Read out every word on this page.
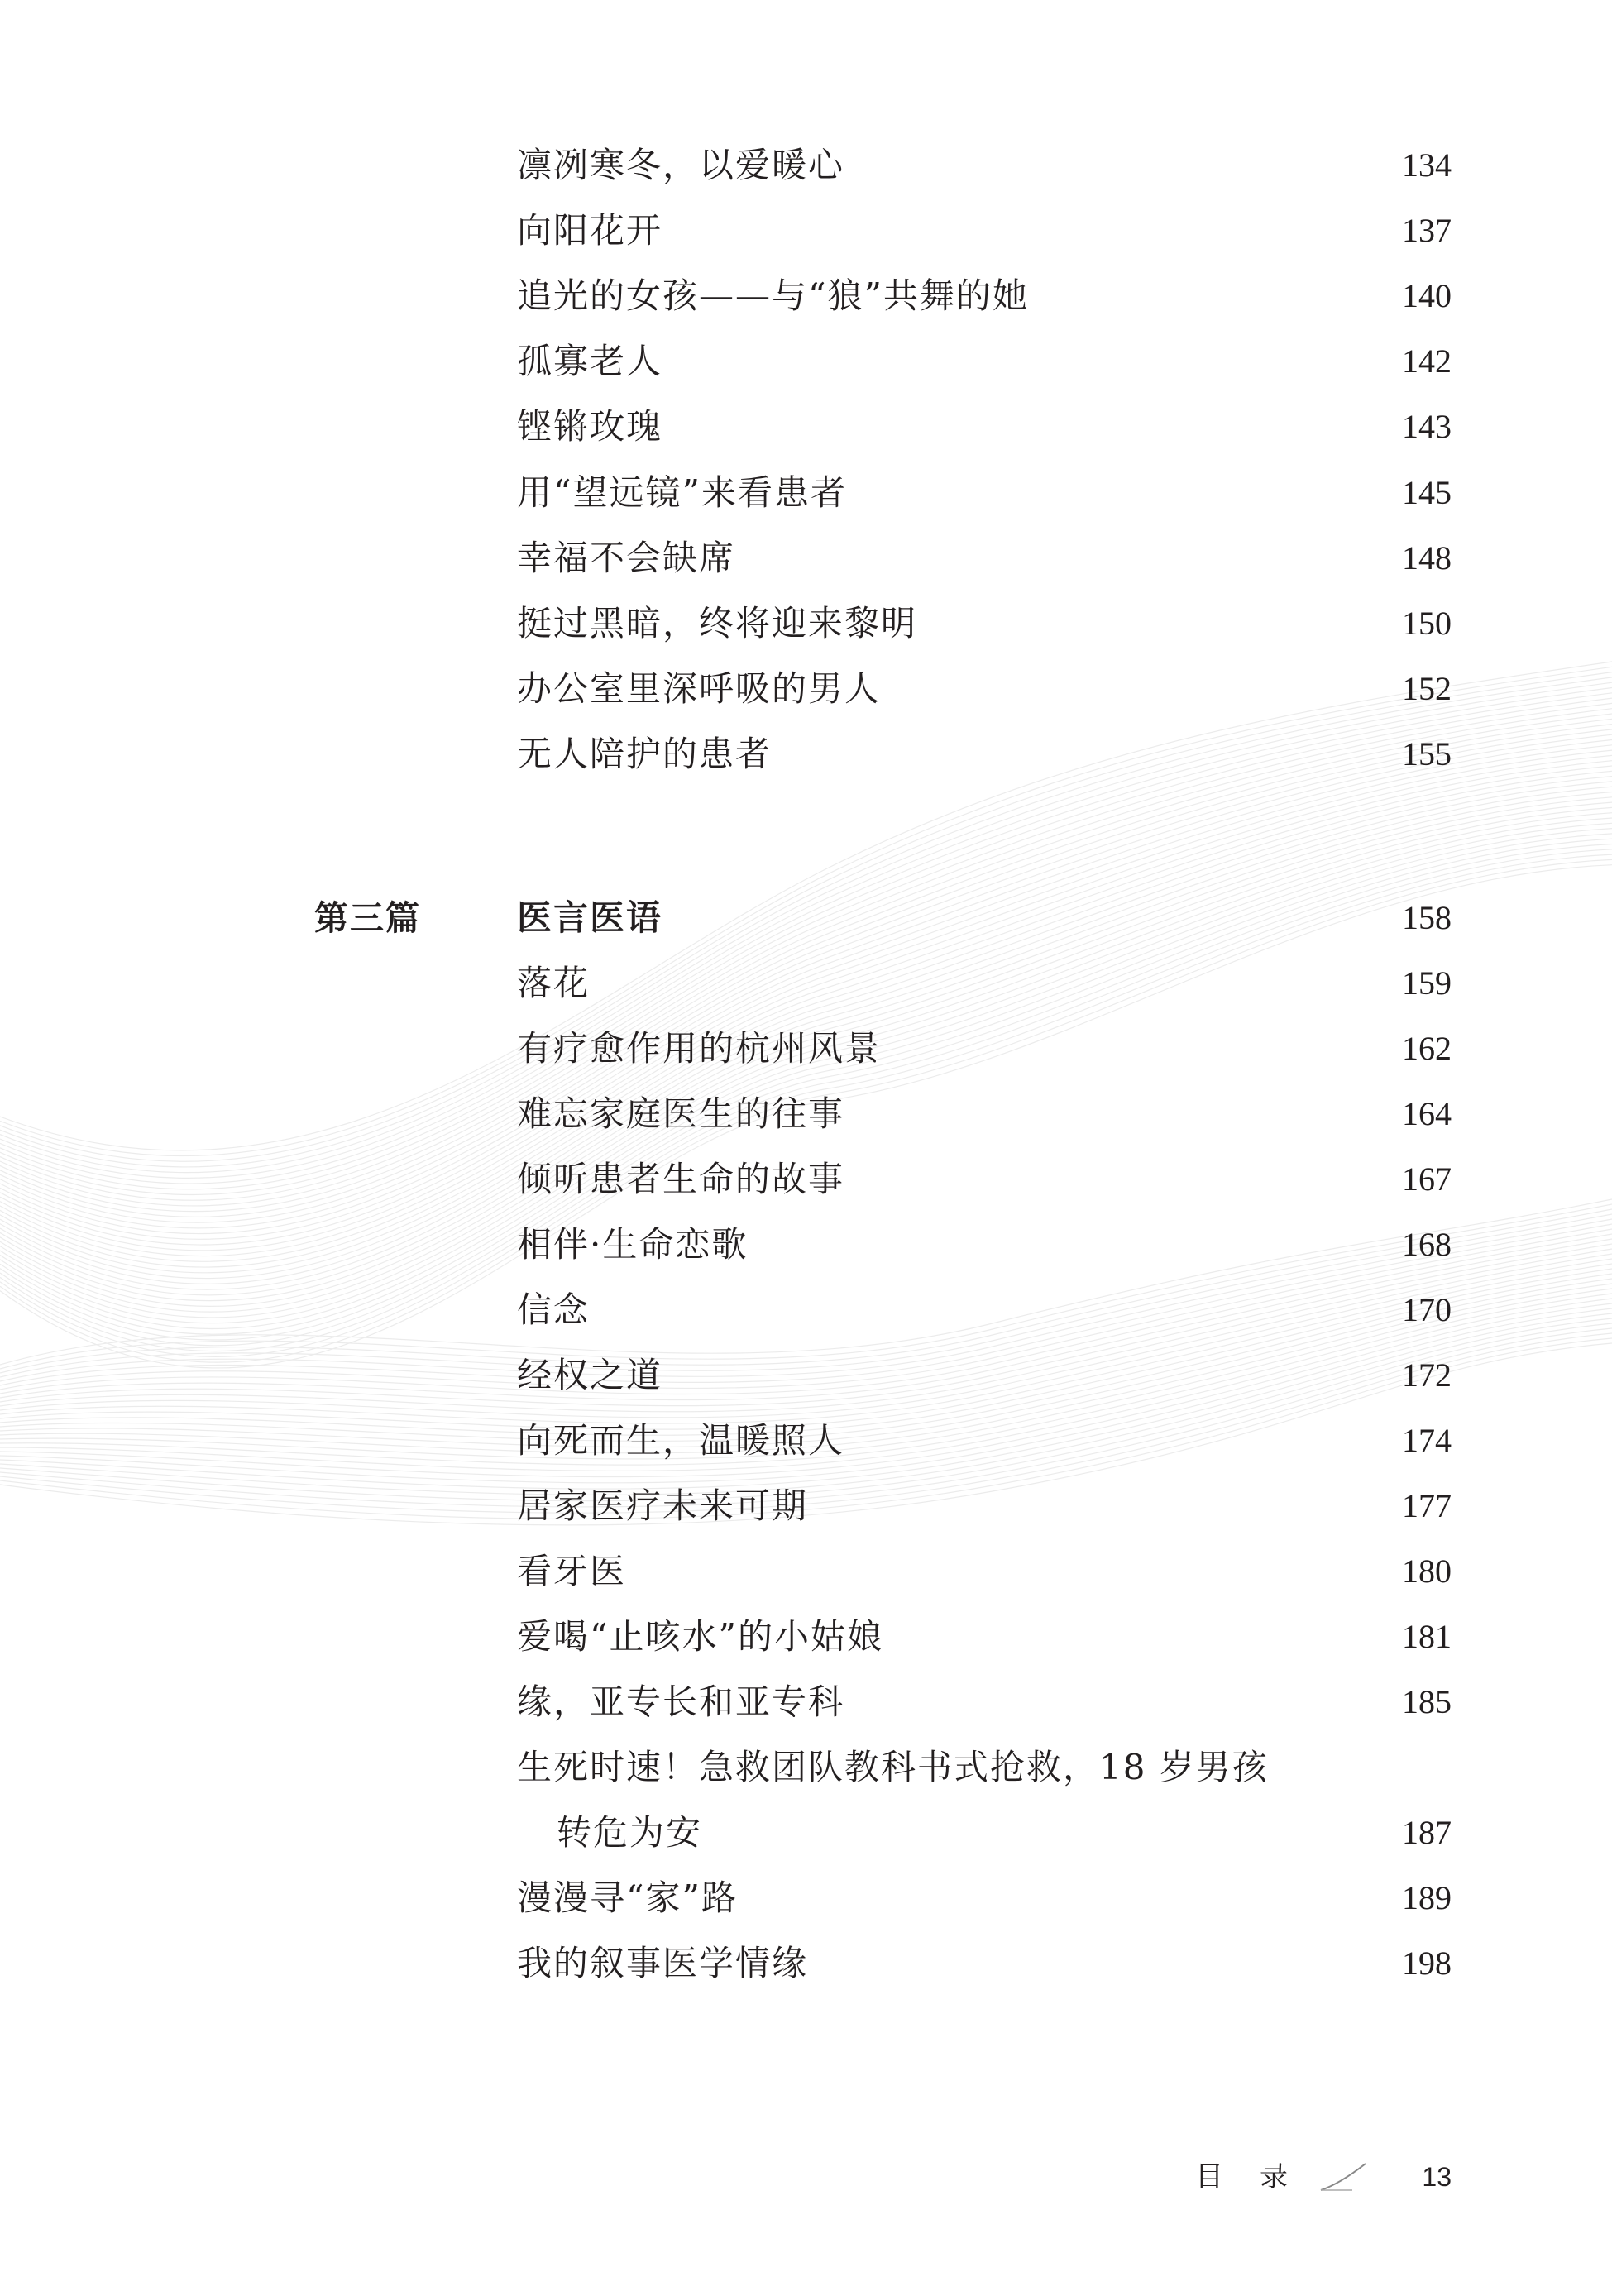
凛冽寒冬，以爱暖心	134
向阳花开	137
追光的女孩——与“狼”共舞的她	140
孤寡老人	142
铿锵玫瑰	143
用“望远镜”来看患者	145
幸福不会缺席	148
挺过黑暗，终将迎来黎明	150
办公室里深呼吸的男人	152
无人陪护的患者	155
第三篇	医言医语	158
落花	159
有疗愈作用的杭州风景	162
难忘家庭医生的往事	164
倾听患者生命的故事	167
相伴·生命恋歌	168
信念	170
经权之道	172
向死而生，温暖照人	174
居家医疗未来可期	177
看牙医	180
爱喝“止咳水”的小姑娘	181
缘，亚专长和亚专科	185
生死时速！急救团队教科书式抢救，18 岁男孩
转危为安	187
漫漫寻“家”路	189
我的叙事医学情缘	198
目录	13
